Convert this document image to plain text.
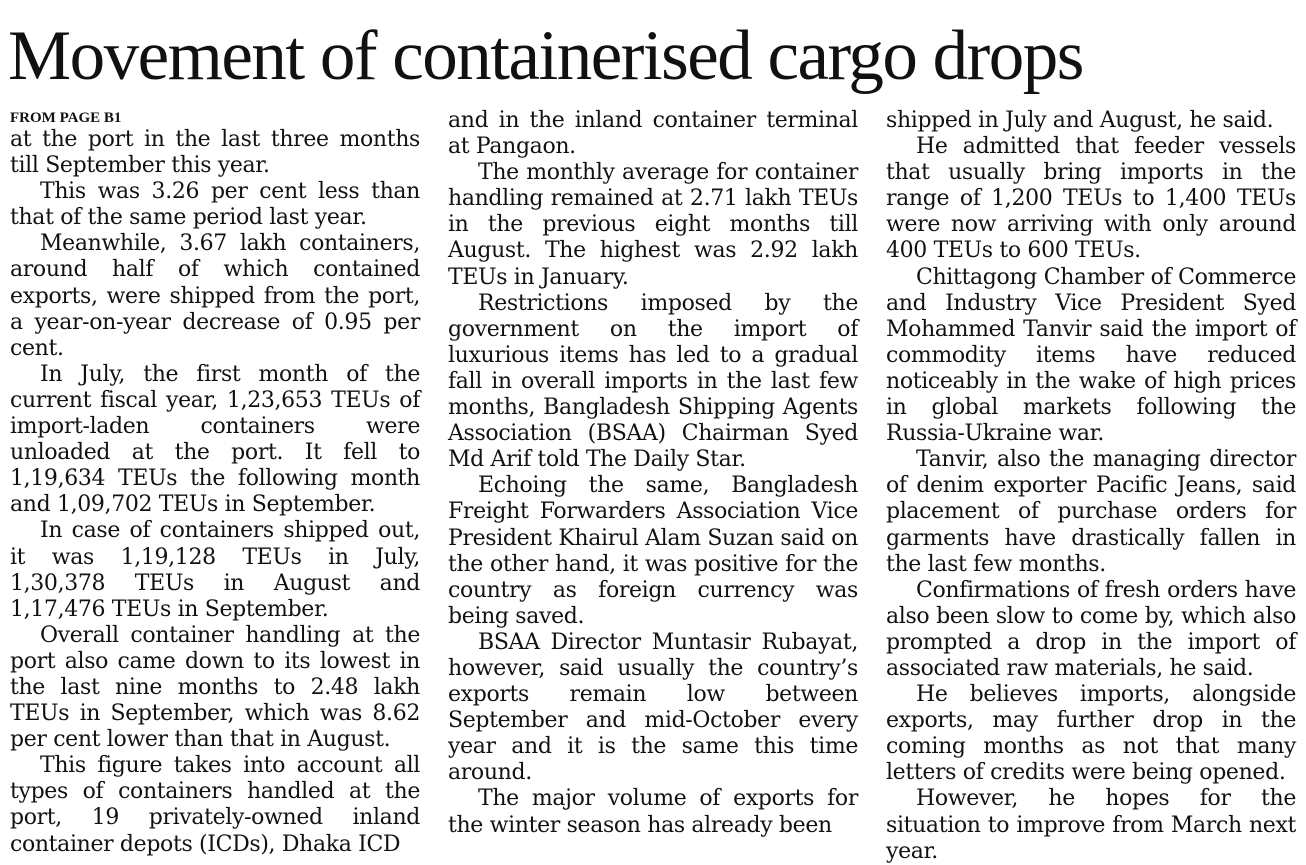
Movement of containerised cargo drops
FROM PAGE B1

at the port in the last three months till September this year.

This was 3.26 per cent less than that of the same period last year.

Meanwhile, 3.67 lakh containers, around half of which contained exports, were shipped from the port, a year-on-year decrease of 0.95 per cent.

In July, the first month of the current fiscal year, 1,23,653 TEUs of import-laden containers were unloaded at the port. It fell to 1,19,634 TEUs the following month and 1,09,702 TEUs in September.

In case of containers shipped out, it was 1,19,128 TEUs in July, 1,30,378 TEUs in August and 1,17,476 TEUs in September.

Overall container handling at the port also came down to its lowest in the last nine months to 2.48 lakh TEUs in September, which was 8.62 per cent lower than that in August.

This figure takes into account all types of containers handled at the port, 19 privately-owned inland container depots (ICDs), Dhaka ICD

and in the inland container terminal at Pangaon.

The monthly average for container handling remained at 2.71 lakh TEUs in the previous eight months till August. The highest was 2.92 lakh TEUs in January.

Restrictions imposed by the government on the import of luxurious items has led to a gradual fall in overall imports in the last few months, Bangladesh Shipping Agents Association (BSAA) Chairman Syed Md Arif told The Daily Star.

Echoing the same, Bangladesh Freight Forwarders Association Vice President Khairul Alam Suzan said on the other hand, it was positive for the country as foreign currency was being saved.

BSAA Director Muntasir Rubayat, however, said usually the country’s exports remain low between September and mid-October every year and it is the same this time around.

The major volume of exports for the winter season has already been

shipped in July and August, he said.

He admitted that feeder vessels that usually bring imports in the range of 1,200 TEUs to 1,400 TEUs were now arriving with only around 400 TEUs to 600 TEUs.

Chittagong Chamber of Commerce and Industry Vice President Syed Mohammed Tanvir said the import of commodity items have reduced noticeably in the wake of high prices in global markets following the Russia-Ukraine war.

Tanvir, also the managing director of denim exporter Pacific Jeans, said placement of purchase orders for garments have drastically fallen in the last few months.

Confirmations of fresh orders have also been slow to come by, which also prompted a drop in the import of associated raw materials, he said.

He believes imports, alongside exports, may further drop in the coming months as not that many letters of credits were being opened.

However, he hopes for the situation to improve from March next year.
